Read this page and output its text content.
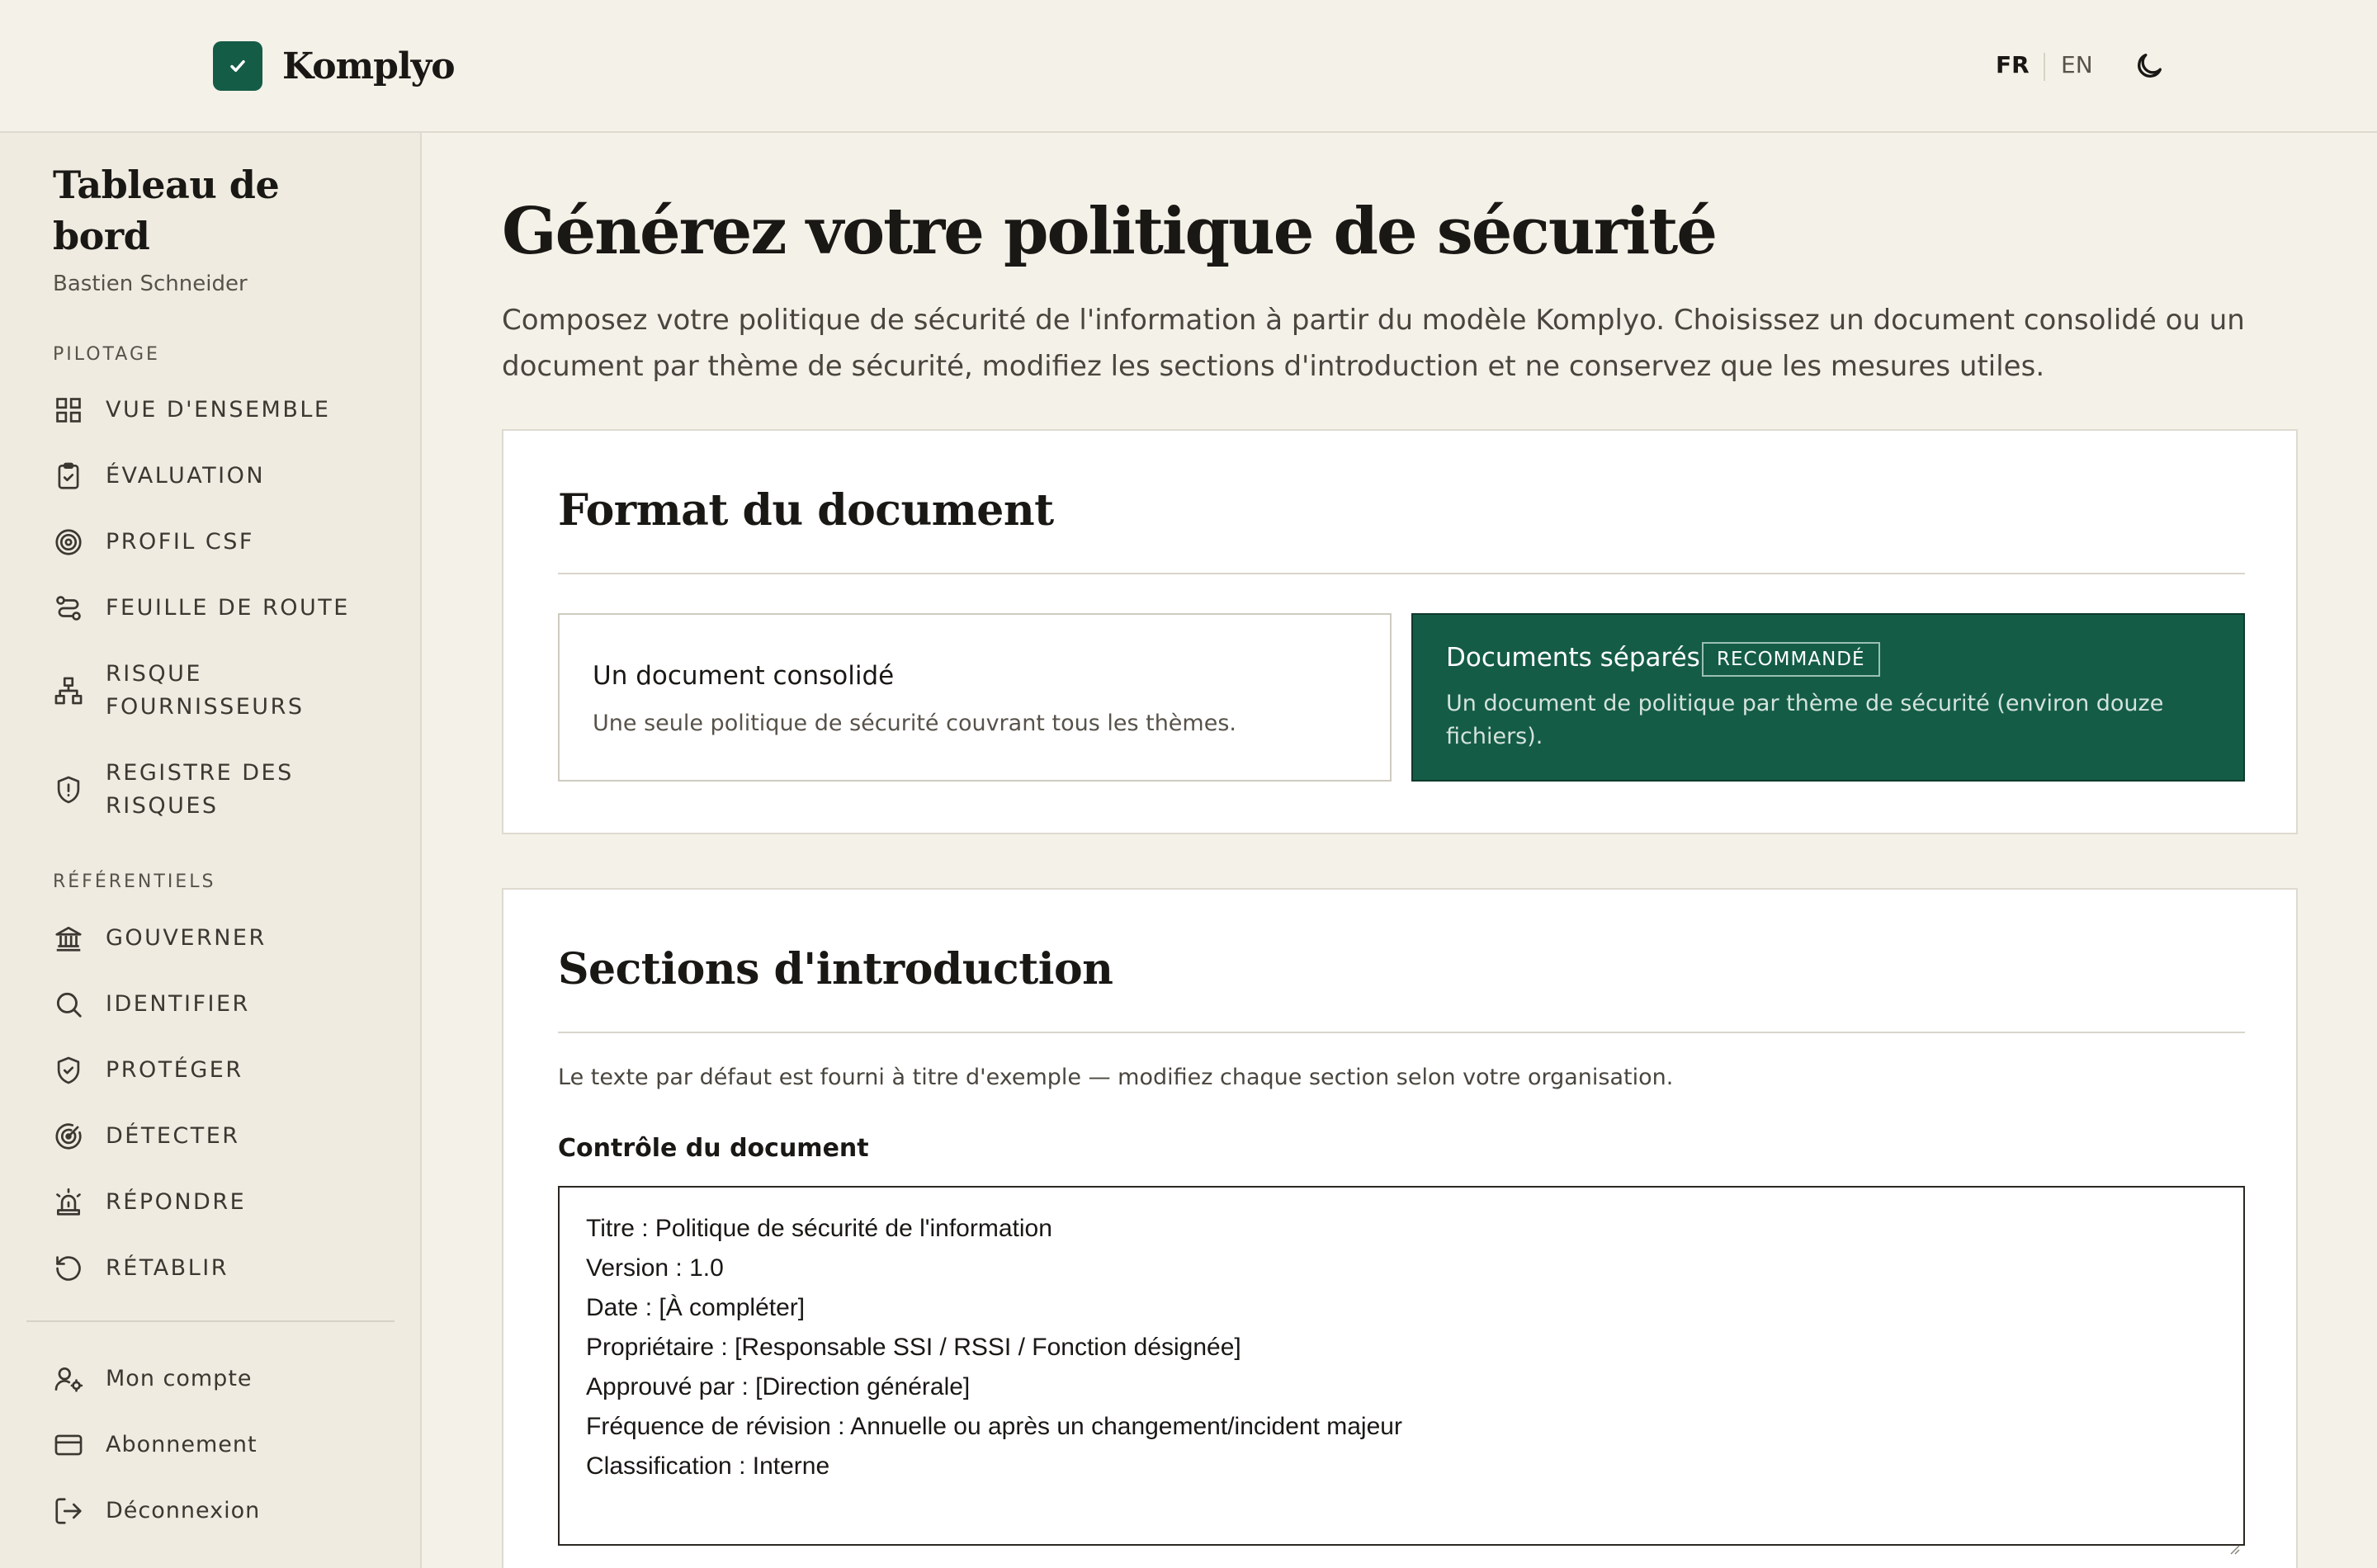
Komplyo	FR EN
Tableau de bord
Bastien Schneider
PILOTAGE
VUE D'ENSEMBLE
ÉVALUATION
PROFIL CSF
FEUILLE DE ROUTE
RISQUE FOURNISSEURS
REGISTRE DES RISQUES
RÉFÉRENTIELS
GOUVERNER
IDENTIFIER
PROTÉGER
DÉTECTER
RÉPONDRE
RÉTABLIR
Mon compte
Abonnement
Déconnexion
Générez votre politique de sécurité

Composez votre politique de sécurité de l'information à partir du modèle Komplyo. Choisissez un document consolidé ou un document par thème de sécurité, modifiez les sections d'introduction et ne conservez que les mesures utiles.

Format du document
Un document consolidé
Une seule politique de sécurité couvrant tous les thèmes.
Documents séparés RECOMMANDÉ
Un document de politique par thème de sécurité (environ douze fichiers).
Sections d'introduction
Le texte par défaut est fourni à titre d'exemple — modifiez chaque section selon votre organisation.
Contrôle du document
Titre : Politique de sécurité de l'information
Version : 1.0
Date : [À compléter]
Propriétaire : [Responsable SSI / RSSI / Fonction désignée]
Approuvé par : [Direction générale]
Fréquence de révision : Annuelle ou après un changement/incident majeur
Classification : Interne
